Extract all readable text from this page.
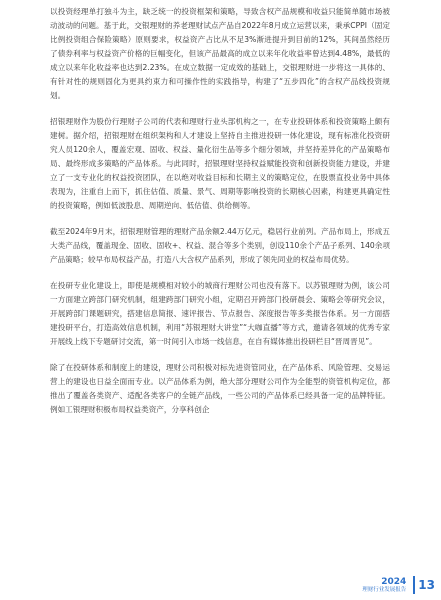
以投资经理单打独斗为主，缺乏统一的投资框架和策略，导致含权产品规模和收益只能简单随市场被动波动的问题。基于此，交银理财的养老理财试点产品自2022年8月成立运营以来，秉承CPPI（固定比例投资组合保险策略）原则要求，权益资产占比从不足3%渐进提升到目前的12%，其间虽然经历了债券利率与权益资产价格的巨幅变化，但该产品最高的成立以来年化收益率曾达到4.48%，最低的成立以来年化收益率也达到2.23%。在成立数据一定成效的基础上，交银理财进一步将这一具体的、有针对性的规则固化为更具约束力和可操作性的实践指导，构建了“五步四化”的含权产品线投资规划。

招银理财作为股份行理财子公司的代表和理财行业头部机构之一，在专业投研体系和投资策略上颇有建树。据介绍，招银理财在组织架构和人才建设上坚持自主推进投研一体化建设，现有标准化投资研究人员120余人，覆盖宏观、固收、权益、量化衍生品等多个细分领域，并坚持差异化的产品策略布局、最终形成多策略的产品体系。与此同时，招银理财坚持权益赋能投资和创新投资能力建设，并建立了一支专业化的权益投资团队，在以绝对收益目标和长期主义的策略定位，在股票直投业务中具体表现为，注重自上而下，抓住估值、质量、景气、周期等影响投资的长期核心因素，构建更具确定性的投资策略，例如低波股息、周期逆向、低估值、供给侧等。

截至2024年9月末，招银理财管理的理财产品余额2.44万亿元，稳居行业前列。产品布局上，形成五大类产品线，覆盖现金、固收、固收+、权益、混合等多个类别，创设110余个产品子系列、140余项产品策略；较早布局权益产品，打造八大含权产品系列，形成了领先同业的权益布局优势。

在投研专业化建设上，即使是规模相对较小的城商行理财公司也没有落下。以苏银理财为例，该公司一方面建立跨部门研究机制，组建跨部门研究小组，定期召开跨部门投研晨会、策略会等研究会议，开展跨部门课题研究，搭建信息简报、速评报告、节点报告、深度报告等多类报告体系。另一方面搭建投研平台，打造高效信息机制，利用“苏银理财大讲堂”“大咖直播”等方式，邀请各领域的优秀专家开展线上线下专题研讨交流，第一时间引入市场一线信息，在自有媒体推出投研栏目“晋周晋见”。

除了在投研体系和制度上的建设，理财公司积极对标先进资管同业，在产品体系、风险管理、交易运营上的建设也日益全面而专业。以产品体系为例，绝大部分理财公司作为全能型的资管机构定位，都推出了覆盖各类资产、适配各类客户的全链产品线，一些公司的产品体系已经具备一定的品牌特征。例如工银理财积极布局权益类资产，分享科创企

2024
理财行业发展报告 13
